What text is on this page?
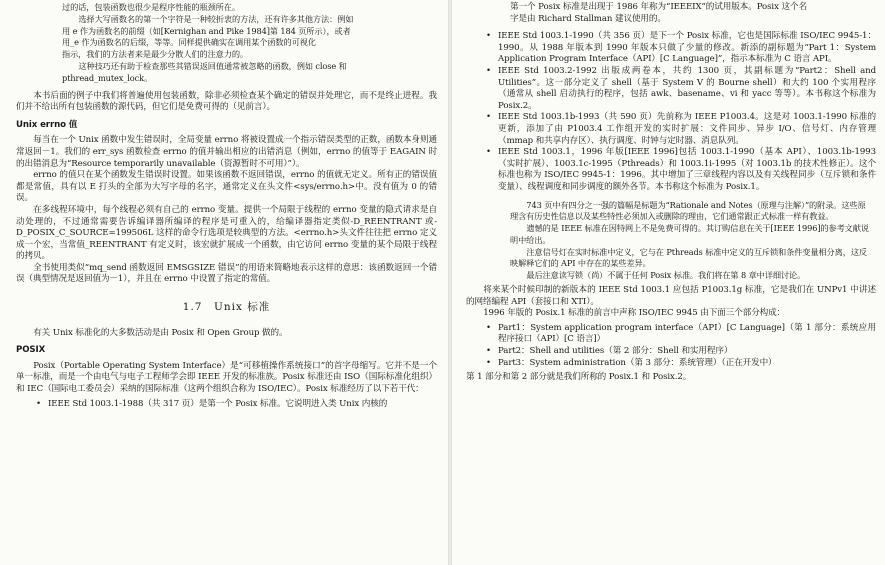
过的话，包装函数也很少是程序性能的瓶颈所在。
选择大写函数名的第一个字符是一种较折衷的方法，还有许多其他方法：例如
用 e 作为函数名的前缀（如[Kernighan and Pike 1984]第 184 页所示），或者
用_e 作为函数名的后缀，等等。同样提供确实在调用某个函数的可视化
指示，我们的方法者来是最少分散人们的注意力的。
这种技巧还有助于检查那些其错误返回值通常被忽略的函数，例如 close 和
pthread_mutex_lock。

本书后面的例子中我们将普遍使用包装函数，除非必须检查某个确定的错误并处理它，而不是终止进程。我们并不给出所有包装函数的源代码，但它们是免费可得的（见前言）。

Unix errno 值

每当在一个 Unix 函数中发生错误时，全局变量 errno 将被设置成一个指示错误类型的正数，函数本身则通常返回－1。我们的 err_sys 函数检查 errno 的值并输出相应的出错消息（例如，errno 的值等于 EAGAIN 时的出错消息为“Resource temporarily unavailable（资源暂时不可用）”）。

errno 的值只在某个函数发生错误时设置。如果该函数不返回错误，errno 的值就无定义。所有正的错误值都是常值，具有以 E 打头的全部为大写字母的名字，通常定义在头文件<sys/errno.h>中。没有值为 0 的错误。

在多线程环境中，每个线程必须有自己的 errno 变量。提供一个局限于线程的 errno 变量的隐式请求是自动处理的，不过通常需要告诉编译器所编译的程序是可重入的，给编译器指定类似-D_REENTRANT 或-D_POSIX_C_SOURCE=199506L 这样的命令行选项是较典型的方法。<errno.h>头文件往往把 errno 定义成一个宏，当常值_REENTRANT 有定义时，该宏就扩展成一个函数，由它访问 errno 变量的某个局限于线程的拷贝。

全书使用类似“mq_send 函数返回 EMSGSIZE 错误”的用语来简略地表示这样的意思：该函数返回一个错误（典型情况是返回值为－1），并且在 errno 中设置了指定的常值。

1.7　Unix 标准

有关 Unix 标准化的大多数活动是由 Posix 和 Open Group 做的。

POSIX

Posix（Portable Operating System Interface）是“可移植操作系统接口”的首字母缩写。它并不是一个单一标准，而是一个由电气与电子工程师学会即 IEEE 开发的标准族。Posix 标准还由 ISO（国际标准化组织）和 IEC（国际电工委员会）采纳的国际标准（这两个组织合称为 ISO/IEC）。Posix 标准经历了以下若干代：

• IEEE Std 1003.1-1988（共 317 页）是第一个 Posix 标准。它说明进入类 Unix 内核的
第一个 Posix 标准是出现于 1986 年称为“IEEEIX”的试用版本。Posix 这个名
字是由 Richard Stallman 建议使用的。
• IEEE Std 1003.1-1990（共 356 页）是下一个 Posix 标准，它也是国际标准 ISO/IEC 9945-1：1990。从 1988 年版本到 1990 年版本只做了少量的修改。新添的副标题为“Part 1：System Application Program Interface（API）[C Language]”，指示本标准为 C 语言 API。
• IEEE Std 1003.2-1992 出版成两卷本，共约 1300 页，其副标题为“Part2：Shell and Utilities”。这一部分定义了 shell（基于 System V 的 Bourne shell）和大约 100 个实用程序（通常从 shell 启动执行的程序，包括 awk、basename、vi 和 yacc 等等）。本书称这个标准为 Posix.2。
• IEEE Std 1003.1b-1993（共 590 页）先前称为 IEEE P1003.4。这是对 1003.1-1990 标准的更新，添加了由 P1003.4 工作组开发的实时扩展：文件同步、异步 I/O、信号灯、内存管理（mmap 和共享内存区）、执行调度、时钟与定时器、消息队列。
• IEEE Std 1003.1，1996 年版[IEEE 1996]包括 1003.1-1990（基本 API）、1003.1b-1993（实时扩展）、1003.1c-1995（Pthreads）和 1003.1i-1995（对 1003.1b 的技术性修正）。这个标准也称为 ISO/IEC 9945-1：1996。其中增加了三章线程内容以及有关线程同步（互斥锁和条件变量）、线程调度和同步调度的额外各节。本书称这个标准为 Posix.1。
743 页中有四分之一强的篇幅是标题为“Rationale and Notes（原理与注解）”的附录。这些原理含有历史性信息以及某些特性必须加入或删除的理由，它们通常跟正式标准一样有教益。
遗憾的是 IEEE 标准在因特网上不是免费可得的。其订购信息在关于[IEEE 1996]的参考文献说明中给出。
注意信号灯在实时标准中定义，它与在 Pthreads 标准中定义的互斥锁和条件变量相分离，这反映解释它们的 API 中存在的某些差异。
最后注意读写锁（尚）不属于任何 Posix 标准。我们将在第 8 章中详细讨论。

将来某个时候印制的新版本的 IEEE Std 1003.1 应包括 P1003.1g 标准，它是我们在 UNPv1 中讲述的网络编程 API（套接口和 XTI）。

1996 年版的 Posix.1 标准的前言中声称 ISO/IEC 9945 由下面三个部分构成：

• Part1：System application program interface（API）[C Language]（第 1 部分：系统应用程序接口（API）[C 语言]）
• Part2：Shell and utilities（第 2 部分：Shell 和实用程序）
• Part3：System administration（第 3 部分：系统管理）（正在开发中）

第 1 部分和第 2 部分就是我们所称的 Posix.1 和 Posix.2。
